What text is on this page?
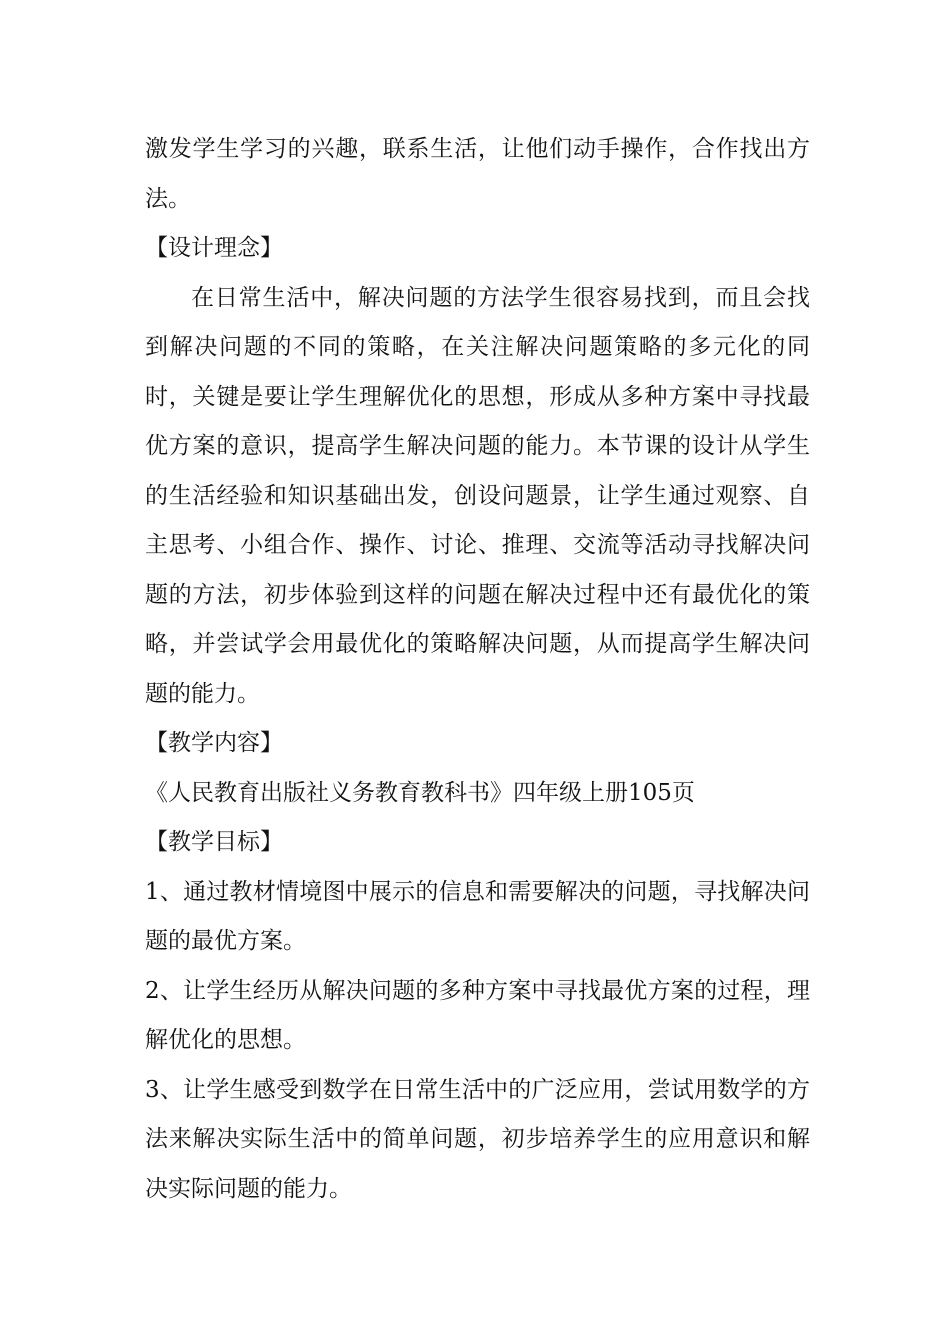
激发学生学习的兴趣，联系生活，让他们动手操作，合作找出方法。

【设计理念】

在日常生活中，解决问题的方法学生很容易找到，而且会找到解决问题的不同的策略，在关注解决问题策略的多元化的同时，关键是要让学生理解优化的思想，形成从多种方案中寻找最优方案的意识，提高学生解决问题的能力。本节课的设计从学生的生活经验和知识基础出发，创设问题景，让学生通过观察、自主思考、小组合作、操作、讨论、推理、交流等活动寻找解决问题的方法，初步体验到这样的问题在解决过程中还有最优化的策略，并尝试学会用最优化的策略解决问题，从而提高学生解决问题的能力。

【教学内容】

《人民教育出版社义务教育教科书》四年级上册105页

【教学目标】

1、通过教材情境图中展示的信息和需要解决的问题，寻找解决问题的最优方案。

2、让学生经历从解决问题的多种方案中寻找最优方案的过程，理解优化的思想。

3、让学生感受到数学在日常生活中的广泛应用，尝试用数学的方法来解决实际生活中的简单问题，初步培养学生的应用意识和解决实际问题的能力。
